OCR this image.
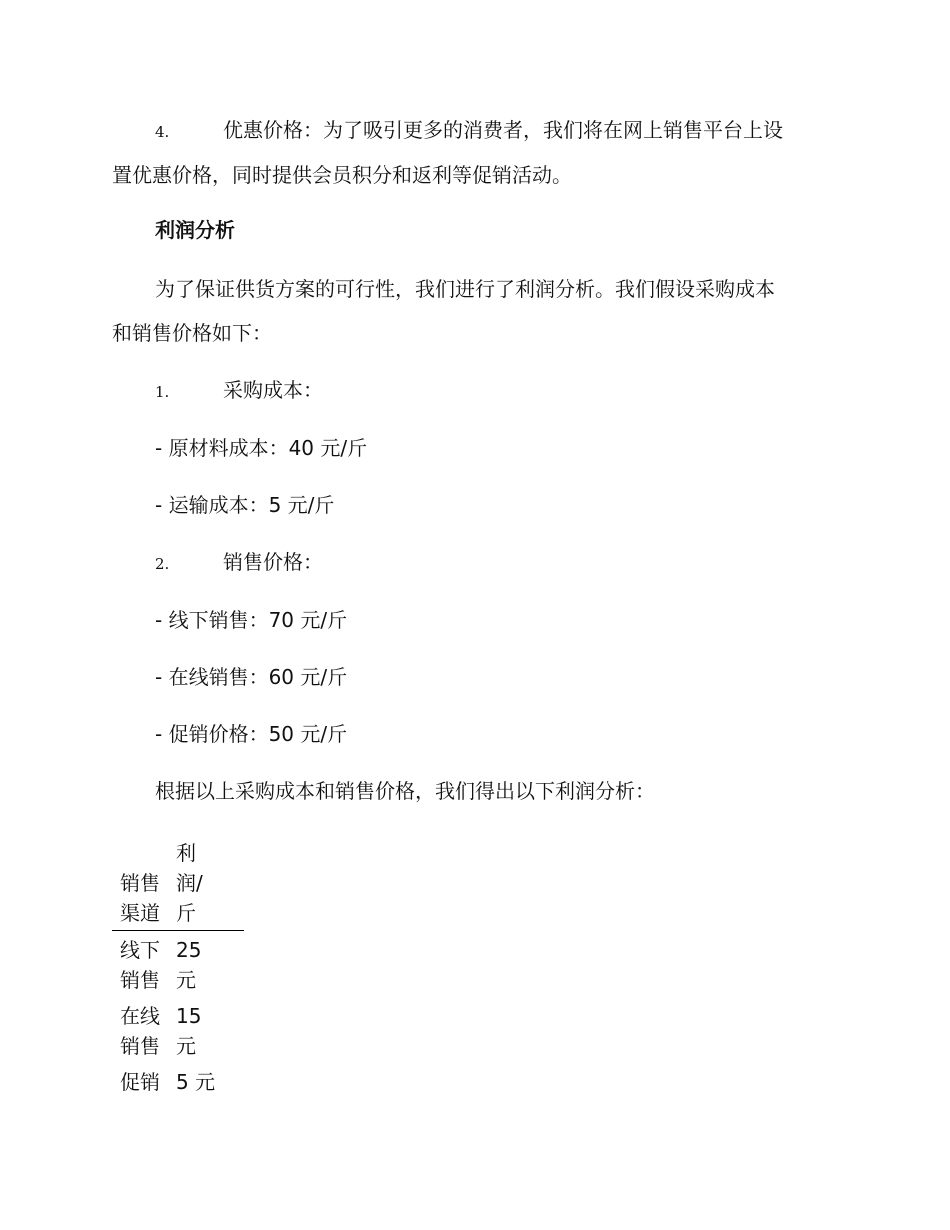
4.	优惠价格：为了吸引更多的消费者，我们将在网上销售平台上设
置优惠价格，同时提供会员积分和返利等促销活动。
利润分析
为了保证供货方案的可行性，我们进行了利润分析。我们假设采购成本
和销售价格如下：
1.	采购成本：
- 原材料成本：40 元/斤
- 运输成本：5 元/斤
2.	销售价格：
- 线下销售：70 元/斤
- 在线销售：60 元/斤
- 促销价格：50 元/斤
根据以上采购成本和销售价格，我们得出以下利润分析：
销售渠道	利润/斤

线下销售	25 元

在线销售	15 元

促销	5 元
